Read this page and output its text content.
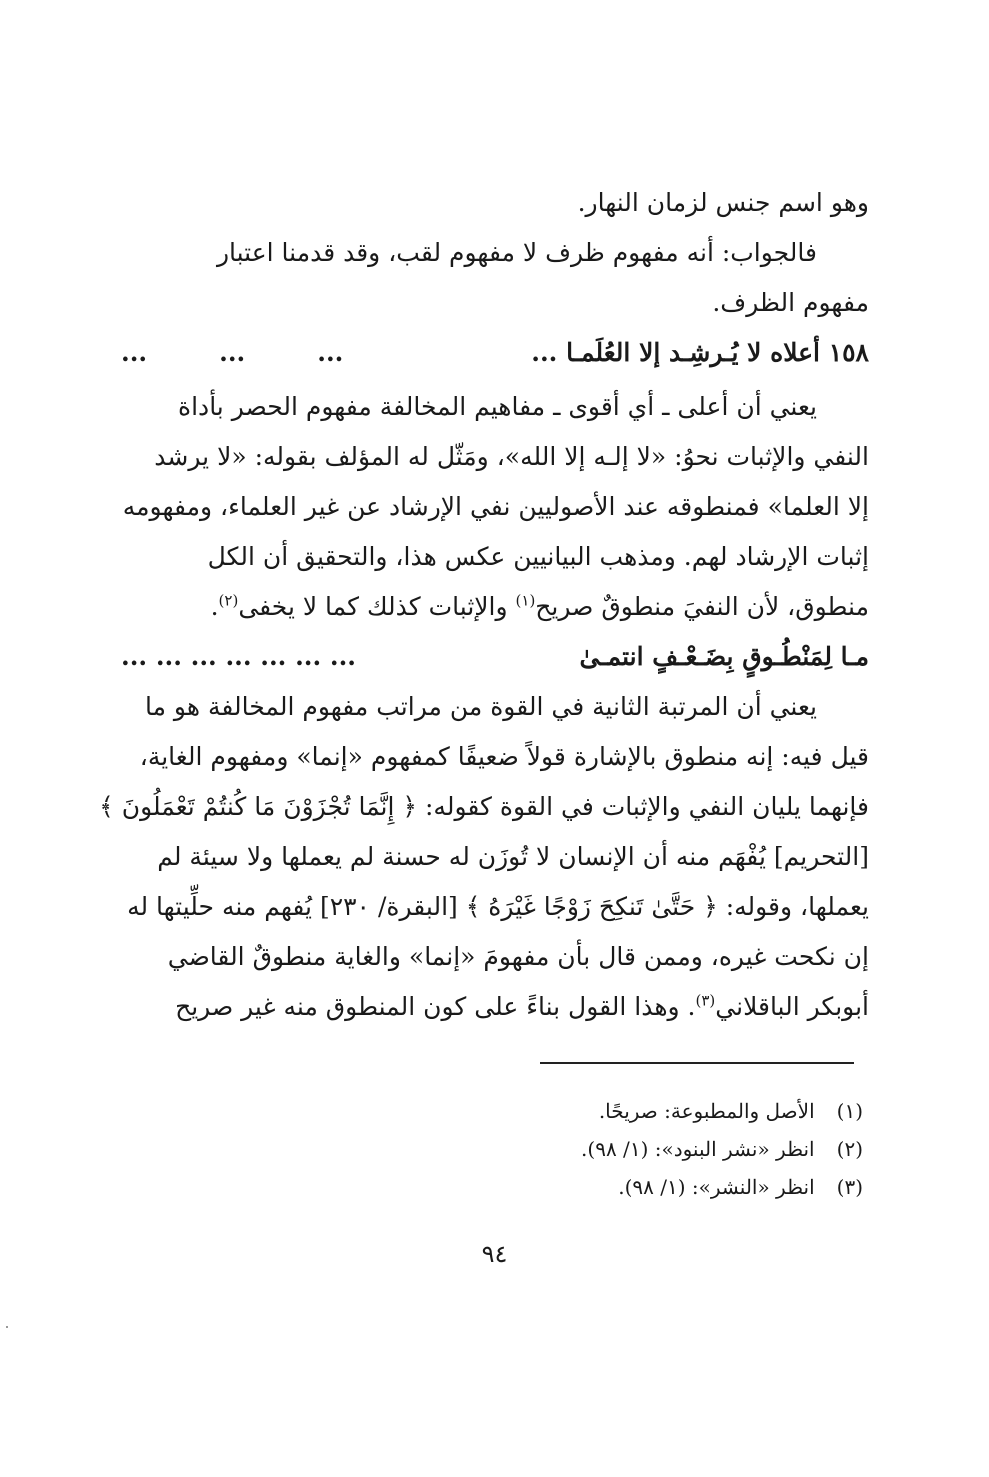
وهو اسم جنس لزمان النهار.
فالجواب: أنه مفهوم ظرف لا مفهوم لقب، وقد قدمنا اعتبار
مفهوم الظرف.
١٥٨ أعلاه لا يُـرشِـد إلا العُلَمـا ...
...
...
...
يعني أن أعلى ـ أي أقوى ـ مفاهيم المخالفة مفهوم الحصر بأداة
النفي والإثبات نحوُ: «لا إلـه إلا الله»، ومَثّل له المؤلف بقوله: «لا يرشد
إلا العلما» فمنطوقه عند الأصوليين نفي الإرشاد عن غير العلماء، ومفهومه
إثبات الإرشاد لهم. ومذهب البيانيين عكس هذا، والتحقيق أن الكل
منطوق، لأن النفيَ منطوقٌ صريح$^{(١)}$ والإثبات كذلك كما لا يخفى$^{(٢)}$.
مـا لِمَنْطُـوقٍ بِضَـعْـفٍ انتمـىٰ
... ... ... ... ... ... ...
يعني أن المرتبة الثانية في القوة من مراتب مفهوم المخالفة هو ما
قيل فيه: إنه منطوق بالإشارة قولاً ضعيفًا كمفهوم «إنما» ومفهوم الغاية،
فإنهما يليان النفي والإثبات في القوة كقوله: ﴿ إِنَّمَا تُجْزَوْنَ مَا كُنتُمْ تَعْمَلُونَ ﴾
[التحريم] يُفْهَم منه أن الإنسان لا تُوزَن له حسنة لم يعملها ولا سيئة لم
يعملها، وقوله: ﴿ حَتَّىٰ تَنكِحَ زَوْجًا غَيْرَهُ ﴾ [البقرة/ ٢٣٠] يُفهم منه حلِّيتها له
إن نكحت غيره، وممن قال بأن مفهومَ «إنما» والغاية منطوقٌ القاضي
أبوبكر الباقلاني$^{(٣)}$. وهذا القول بناءً على كون المنطوق منه غير صريح
(١)
الأصل والمطبوعة: صريحًا.
(٢)
انظر «نشر البنود»: (١/ ٩٨).
(٣)
انظر «النشر»: (١/ ٩٨).
٩٤
